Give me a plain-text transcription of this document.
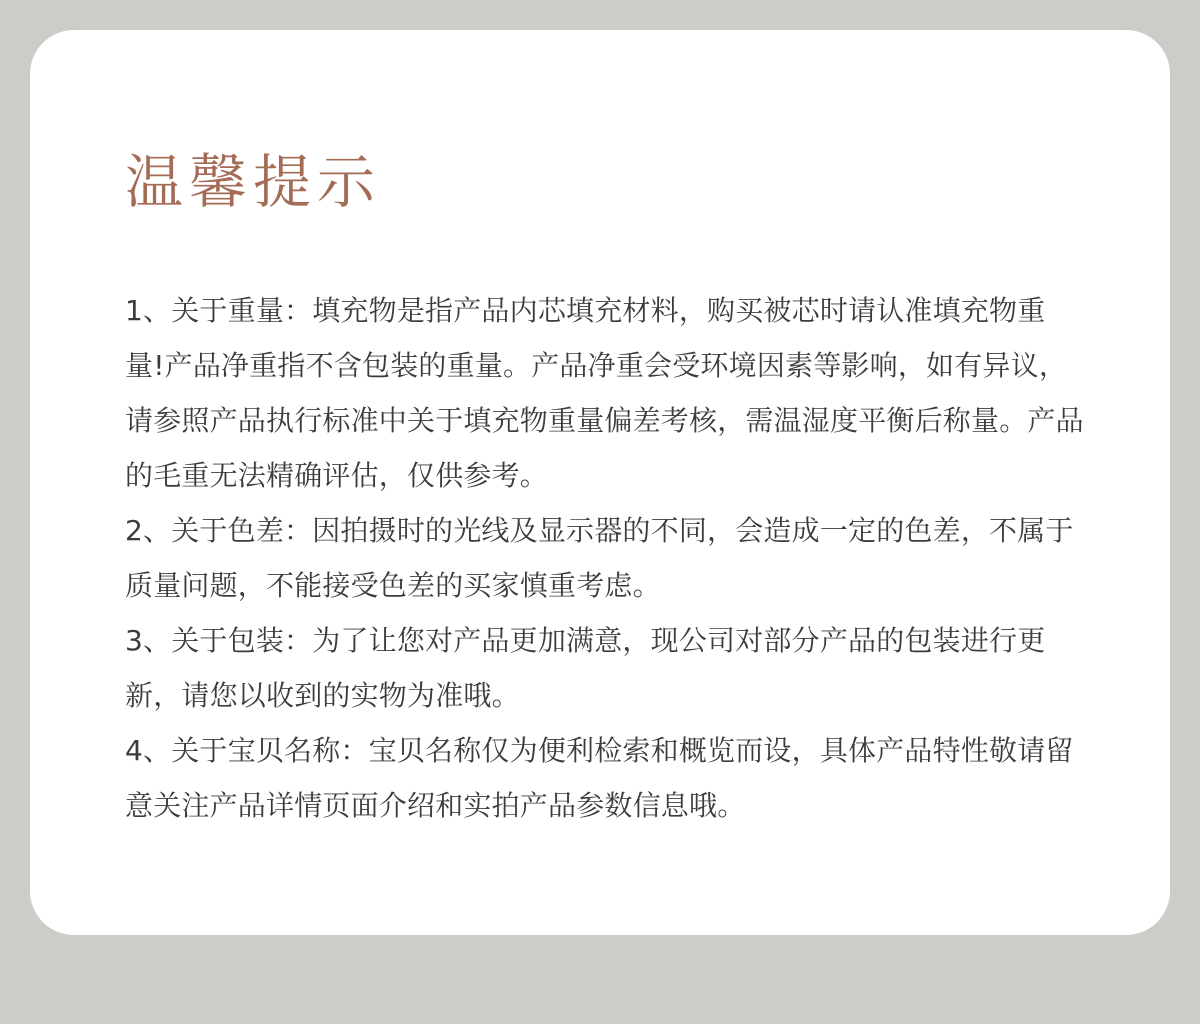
温馨提示
1、关于重量：填充物是指产品内芯填充材料，购买被芯时请认准填充物重量!产品净重指不含包装的重量。产品净重会受环境因素等影响，如有异议，请参照产品执行标准中关于填充物重量偏差考核，需温湿度平衡后称量。产品的毛重无法精确评估，仅供参考。
2、关于色差：因拍摄时的光线及显示器的不同，会造成一定的色差，不属于质量问题，不能接受色差的买家慎重考虑。
3、关于包装：为了让您对产品更加满意，现公司对部分产品的包装进行更新，请您以收到的实物为准哦。
4、关于宝贝名称：宝贝名称仅为便利检索和概览而设，具体产品特性敬请留意关注产品详情页面介绍和实拍产品参数信息哦。
